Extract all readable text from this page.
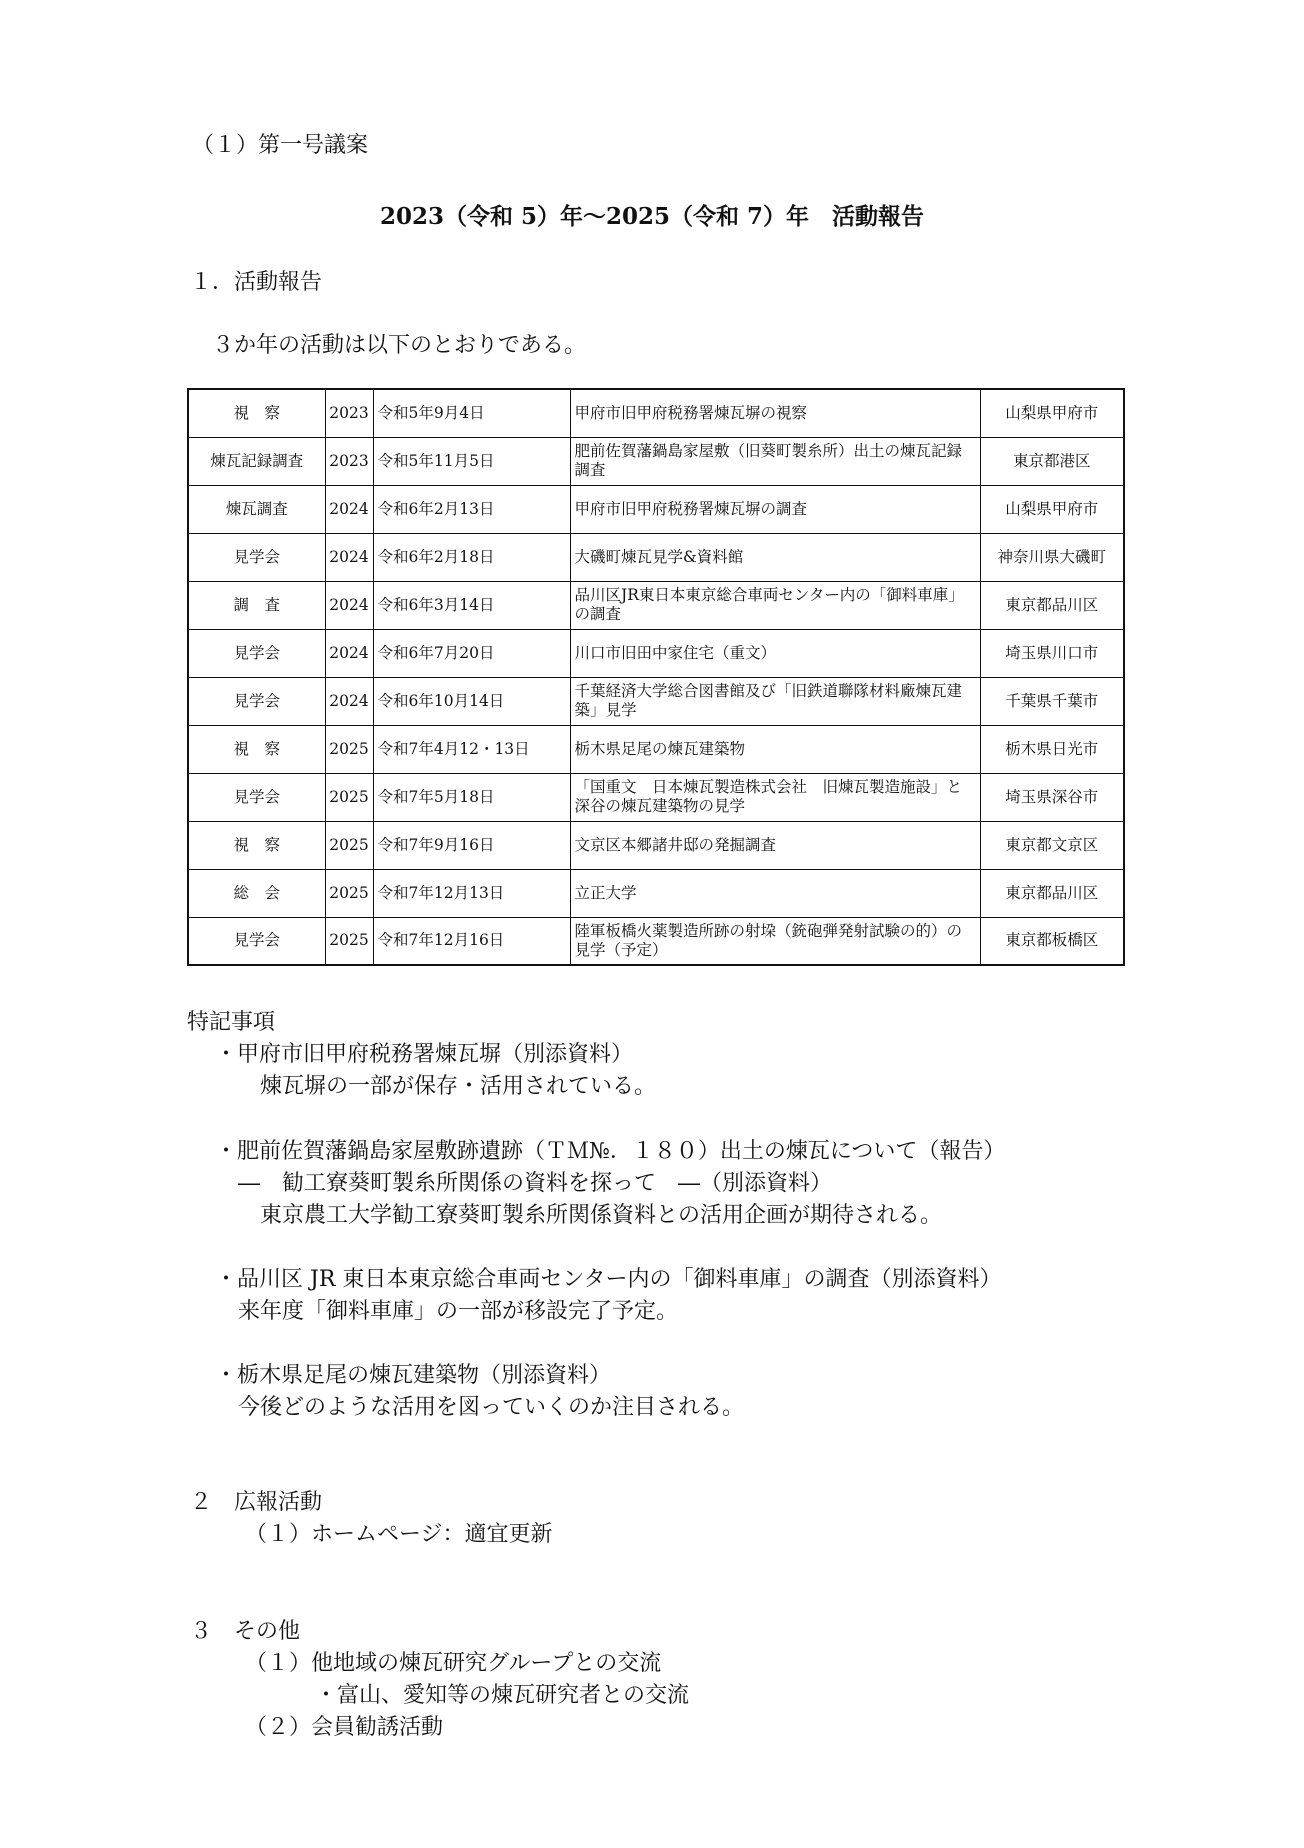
（１）第一号議案
2023（令和 5）年～2025（令和 7）年　活動報告
１．活動報告
３か年の活動は以下のとおりである。
視　察	2023	令和5年9月4日	甲府市旧甲府税務署煉瓦塀の視察	山梨県甲府市
煉瓦記録調査	2023	令和5年11月5日	肥前佐賀藩鍋島家屋敷（旧葵町製糸所）出土の煉瓦記録調査	東京都港区
煉瓦調査	2024	令和6年2月13日	甲府市旧甲府税務署煉瓦塀の調査	山梨県甲府市
見学会	2024	令和6年2月18日	大磯町煉瓦見学&資料館	神奈川県大磯町
調　査	2024	令和6年3月14日	品川区JR東日本東京総合車両センター内の「御料車庫」の調査	東京都品川区
見学会	2024	令和6年7月20日	川口市旧田中家住宅（重文）	埼玉県川口市
見学会	2024	令和6年10月14日	千葉経済大学総合図書館及び「旧鉄道聯隊材料廠煉瓦建築」見学	千葉県千葉市
視　察	2025	令和7年4月12・13日	栃木県足尾の煉瓦建築物	栃木県日光市
見学会	2025	令和7年5月18日	「国重文　日本煉瓦製造株式会社　旧煉瓦製造施設」と深谷の煉瓦建築物の見学	埼玉県深谷市
視　察	2025	令和7年9月16日	文京区本郷諸井邸の発掘調査	東京都文京区
総　会	2025	令和7年12月13日	立正大学	東京都品川区
見学会	2025	令和7年12月16日	陸軍板橋火薬製造所跡の射垜（銃砲弾発射試験の的）の見学（予定）	東京都板橋区
特記事項
・甲府市旧甲府税務署煉瓦塀（別添資料）
煉瓦塀の一部が保存・活用されている。
・肥前佐賀藩鍋島家屋敷跡遺跡（ＴＭ№．１８０）出土の煉瓦について（報告）
―　勧工寮葵町製糸所関係の資料を探って　―（別添資料）
東京農工大学勧工寮葵町製糸所関係資料との活用企画が期待される。
・品川区 JR 東日本東京総合車両センター内の「御料車庫」の調査（別添資料）
来年度「御料車庫」の一部が移設完了予定。
・栃木県足尾の煉瓦建築物（別添資料）
今後どのような活用を図っていくのか注目される。
２　広報活動
（１）ホームページ：適宜更新
３　その他
（１）他地域の煉瓦研究グループとの交流
・富山、愛知等の煉瓦研究者との交流
（２）会員勧誘活動
